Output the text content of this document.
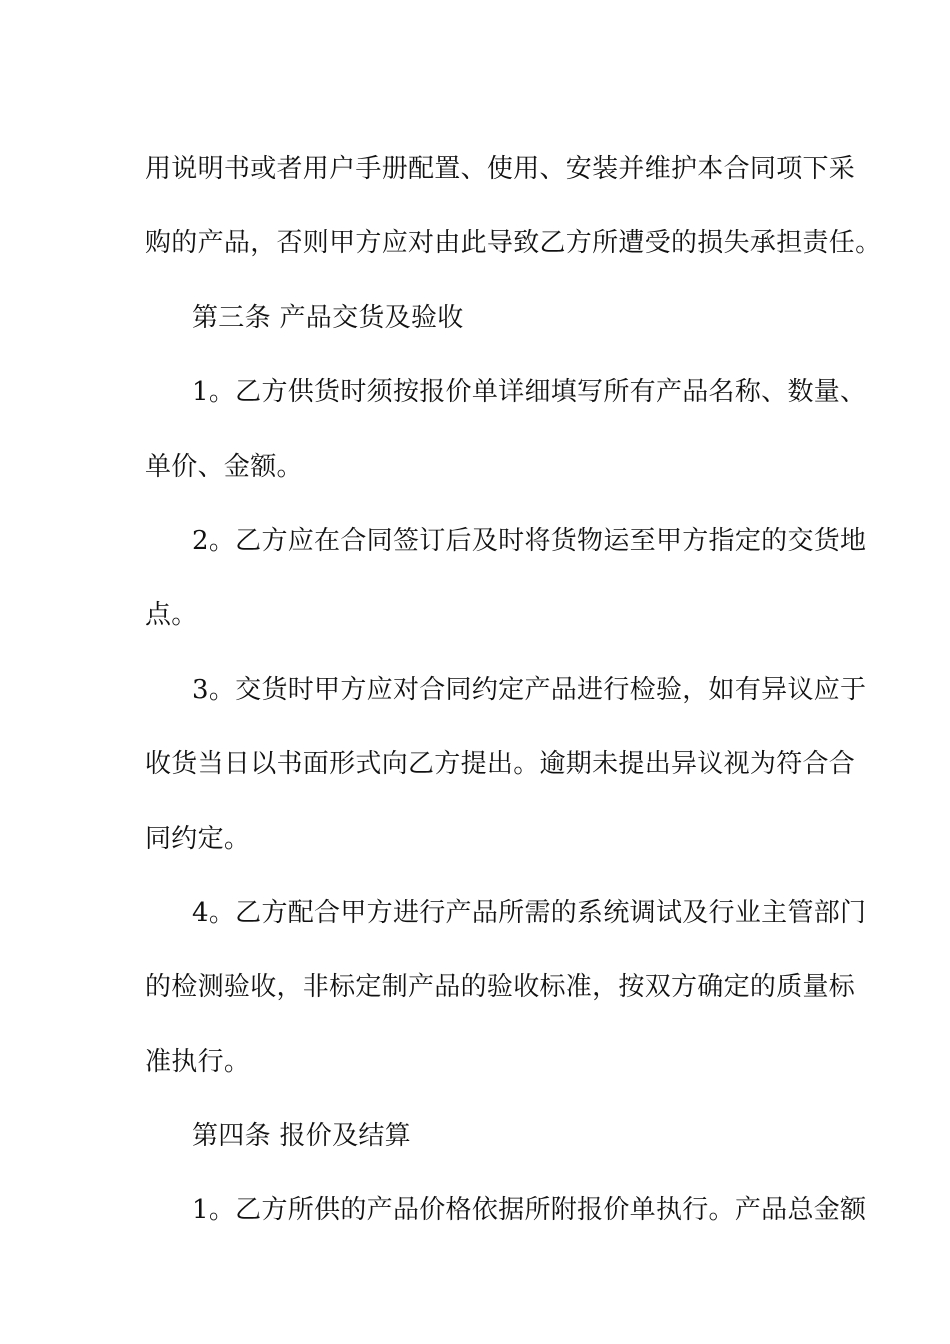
用说明书或者用户手册配置、使用、安装并维护本合同项下采
购的产品，否则甲方应对由此导致乙方所遭受的损失承担责任。
第三条 产品交货及验收
1。乙方供货时须按报价单详细填写所有产品名称、数量、
单价、金额。
2。乙方应在合同签订后及时将货物运至甲方指定的交货地
点。
3。交货时甲方应对合同约定产品进行检验，如有异议应于
收货当日以书面形式向乙方提出。逾期未提出异议视为符合合
同约定。
4。乙方配合甲方进行产品所需的系统调试及行业主管部门
的检测验收，非标定制产品的验收标准，按双方确定的质量标
准执行。
第四条 报价及结算
1。乙方所供的产品价格依据所附报价单执行。产品总金额
